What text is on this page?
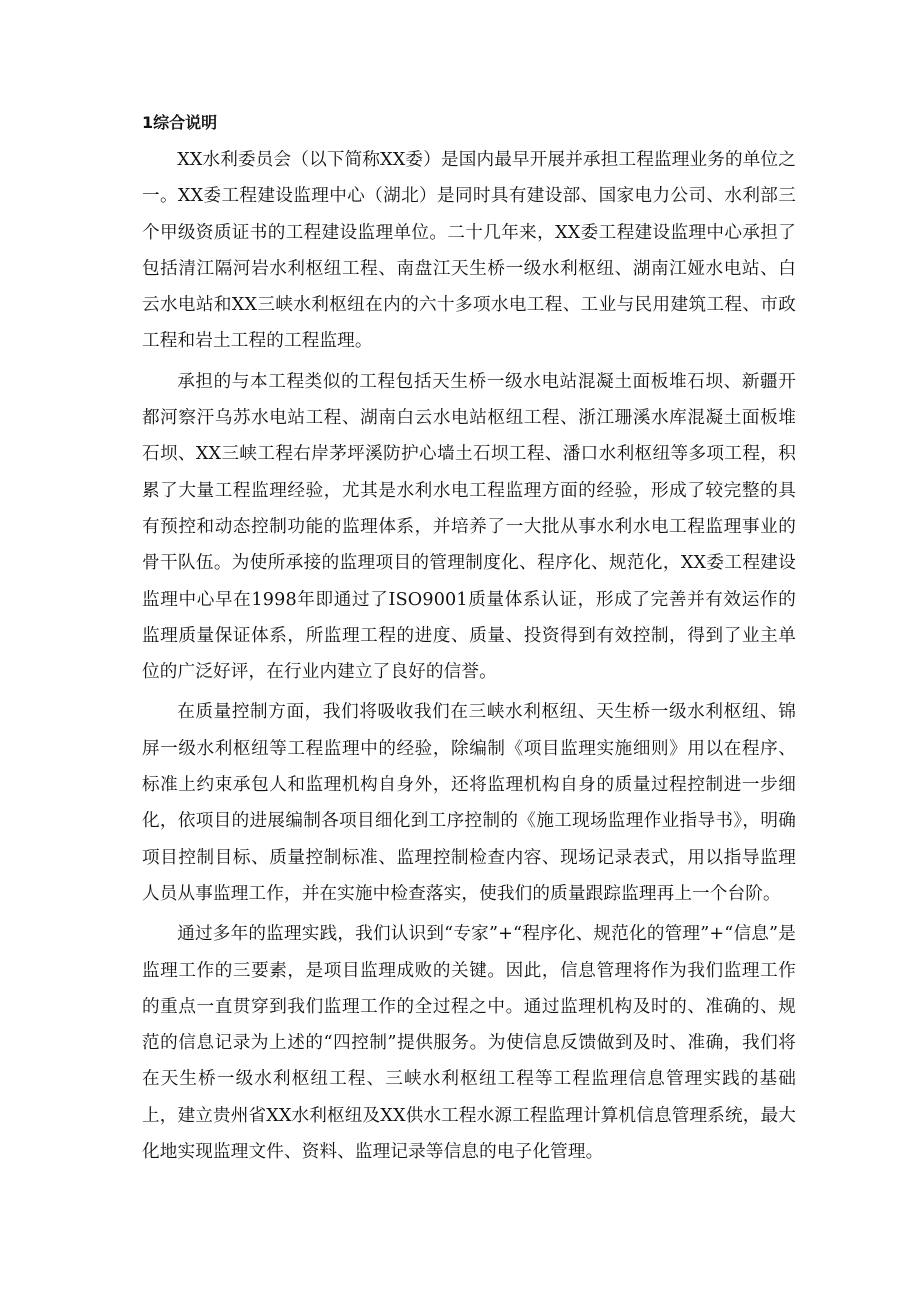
1综合说明

XX水利委员会（以下简称XX委）是国内最早开展并承担工程监理业务的单位之一。XX委工程建设监理中心（湖北）是同时具有建设部、国家电力公司、水利部三个甲级资质证书的工程建设监理单位。二十几年来，XX委工程建设监理中心承担了包括清江隔河岩水利枢纽工程、南盘江天生桥一级水利枢纽、湖南江娅水电站、白云水电站和XX三峡水利枢纽在内的六十多项水电工程、工业与民用建筑工程、市政工程和岩土工程的工程监理。

承担的与本工程类似的工程包括天生桥一级水电站混凝土面板堆石坝、新疆开都河察汗乌苏水电站工程、湖南白云水电站枢纽工程、浙江珊溪水库混凝土面板堆石坝、XX三峡工程右岸茅坪溪防护心墙土石坝工程、潘口水利枢纽等多项工程，积累了大量工程监理经验，尤其是水利水电工程监理方面的经验，形成了较完整的具有预控和动态控制功能的监理体系，并培养了一大批从事水利水电工程监理事业的骨干队伍。为使所承接的监理项目的管理制度化、程序化、规范化，XX委工程建设监理中心早在1998年即通过了ISO9001质量体系认证，形成了完善并有效运作的监理质量保证体系，所监理工程的进度、质量、投资得到有效控制，得到了业主单位的广泛好评，在行业内建立了良好的信誉。

在质量控制方面，我们将吸收我们在三峡水利枢纽、天生桥一级水利枢纽、锦屏一级水利枢纽等工程监理中的经验，除编制《项目监理实施细则》用以在程序、标准上约束承包人和监理机构自身外，还将监理机构自身的质量过程控制进一步细化，依项目的进展编制各项目细化到工序控制的《施工现场监理作业指导书》，明确项目控制目标、质量控制标准、监理控制检查内容、现场记录表式，用以指导监理人员从事监理工作，并在实施中检查落实，使我们的质量跟踪监理再上一个台阶。

通过多年的监理实践，我们认识到“专家”+“程序化、规范化的管理”+“信息”是监理工作的三要素，是项目监理成败的关键。因此，信息管理将作为我们监理工作的重点一直贯穿到我们监理工作的全过程之中。通过监理机构及时的、准确的、规范的信息记录为上述的“四控制”提供服务。为使信息反馈做到及时、准确，我们将在天生桥一级水利枢纽工程、三峡水利枢纽工程等工程监理信息管理实践的基础上，建立贵州省XX水利枢纽及XX供水工程水源工程监理计算机信息管理系统，最大化地实现监理文件、资料、监理记录等信息的电子化管理。
